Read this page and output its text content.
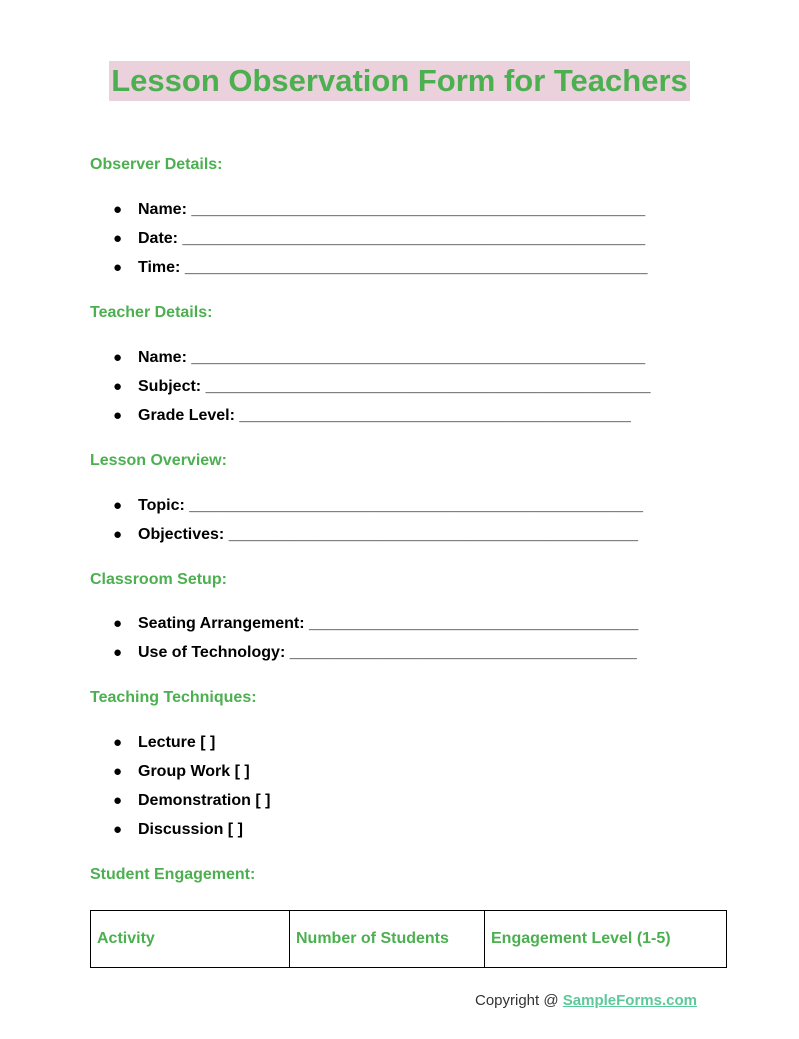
Lesson Observation Form for Teachers
Observer Details:
● Name: ___________________________________________________
● Date: ____________________________________________________
● Time: ____________________________________________________
Teacher Details:
● Name: ___________________________________________________
● Subject: __________________________________________________
● Grade Level: ____________________________________________
Lesson Overview:
● Topic: ___________________________________________________
● Objectives: ______________________________________________
Classroom Setup:
● Seating Arrangement: _____________________________________
● Use of Technology: _______________________________________
Teaching Techniques:
● Lecture [ ]
● Group Work [ ]
● Demonstration [ ]
● Discussion [ ]
Student Engagement:
Activity	Number of Students	Engagement Level (1-5)
Copyright @ SampleForms.com
